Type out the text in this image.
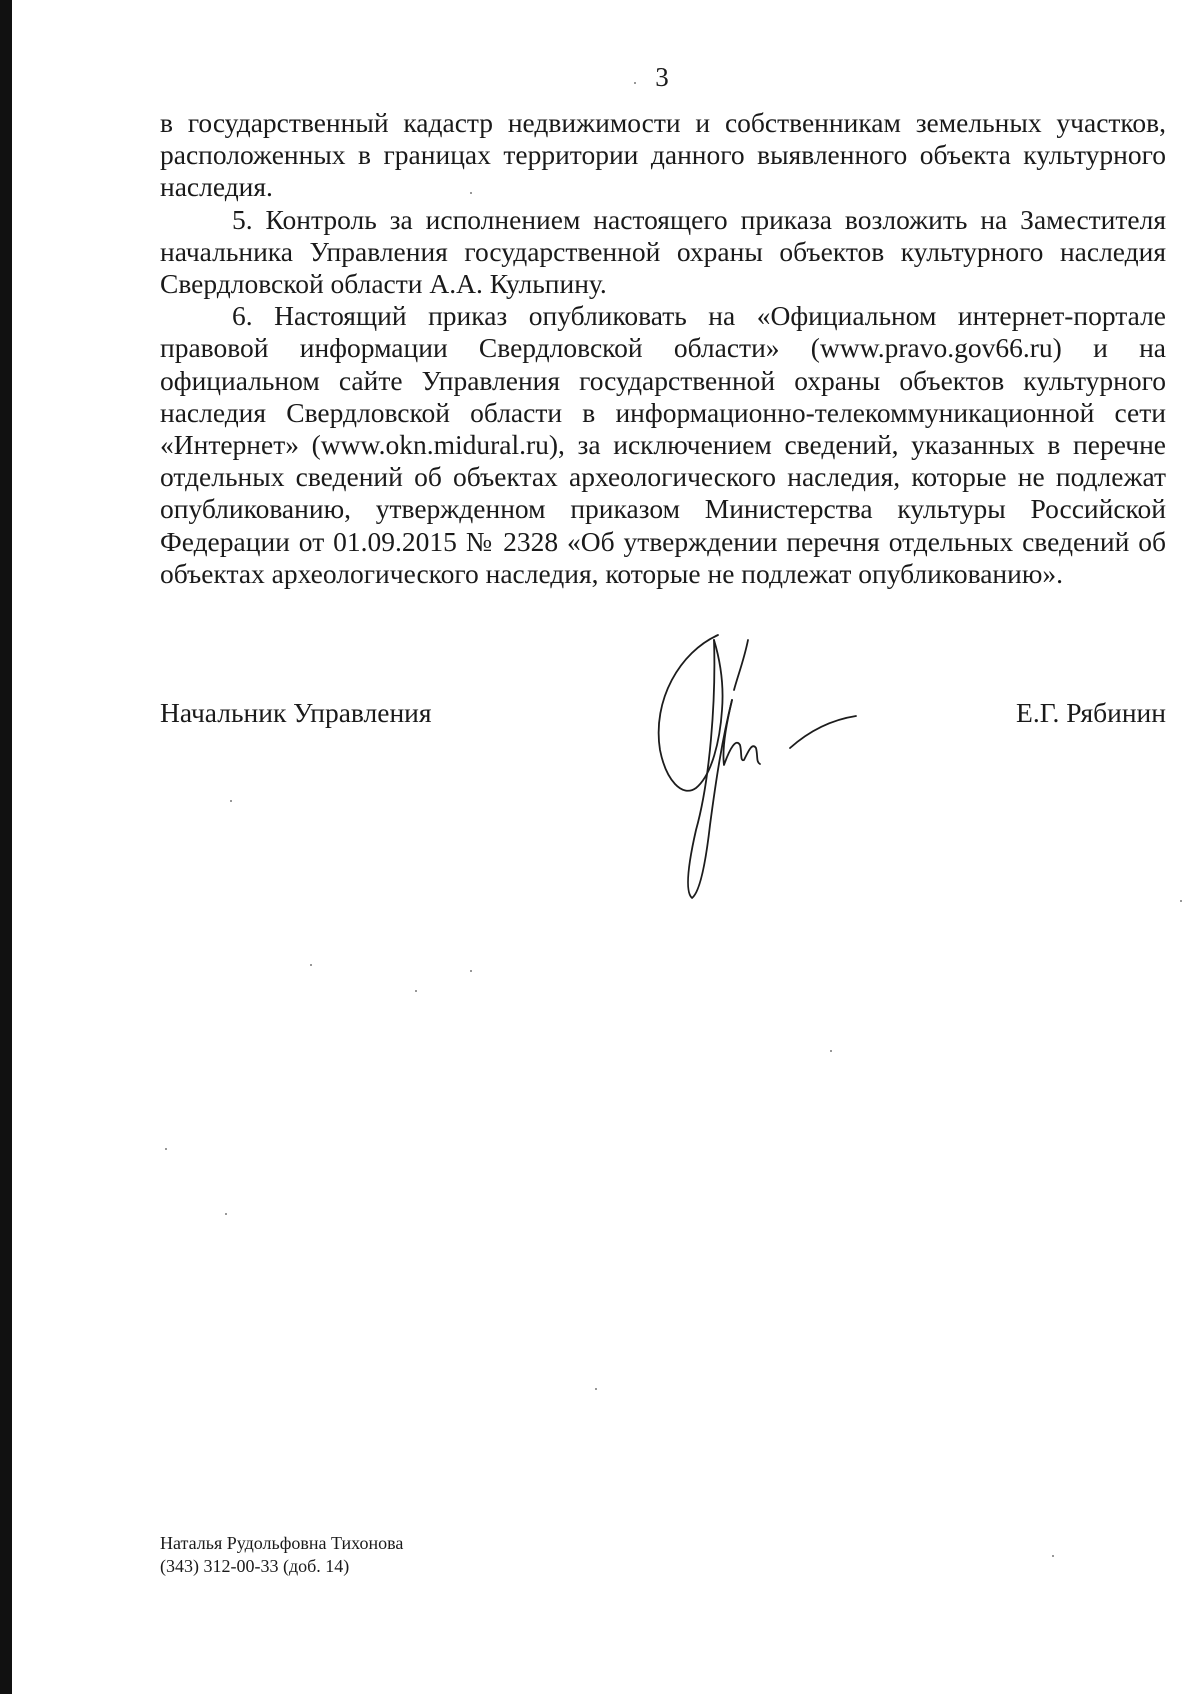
3

в государственный кадастр недвижимости и собственникам земельных участков, расположенных в границах территории данного выявленного объекта культурного наследия.

5. Контроль за исполнением настоящего приказа возложить на Заместителя начальника Управления государственной охраны объектов культурного наследия Свердловской области А.А. Кульпину.

6. Настоящий приказ опубликовать на «Официальном интернет-портале правовой информации Свердловской области» (www.pravo.gov66.ru) и на официальном сайте Управления государственной охраны объектов культурного наследия Свердловской области в информационно-телекоммуникационной сети «Интернет» (www.okn.midural.ru), за исключением сведений, указанных в перечне отдельных сведений об объектах археологического наследия, которые не подлежат опубликованию, утвержденном приказом Министерства культуры Российской Федерации от 01.09.2015 № 2328 «Об утверждении перечня отдельных сведений об объектах археологического наследия, которые не подлежат опубликованию».

Начальник Управления	Е.Г. Рябинин
Наталья Рудольфовна Тихонова
(343) 312-00-33 (доб. 14)
